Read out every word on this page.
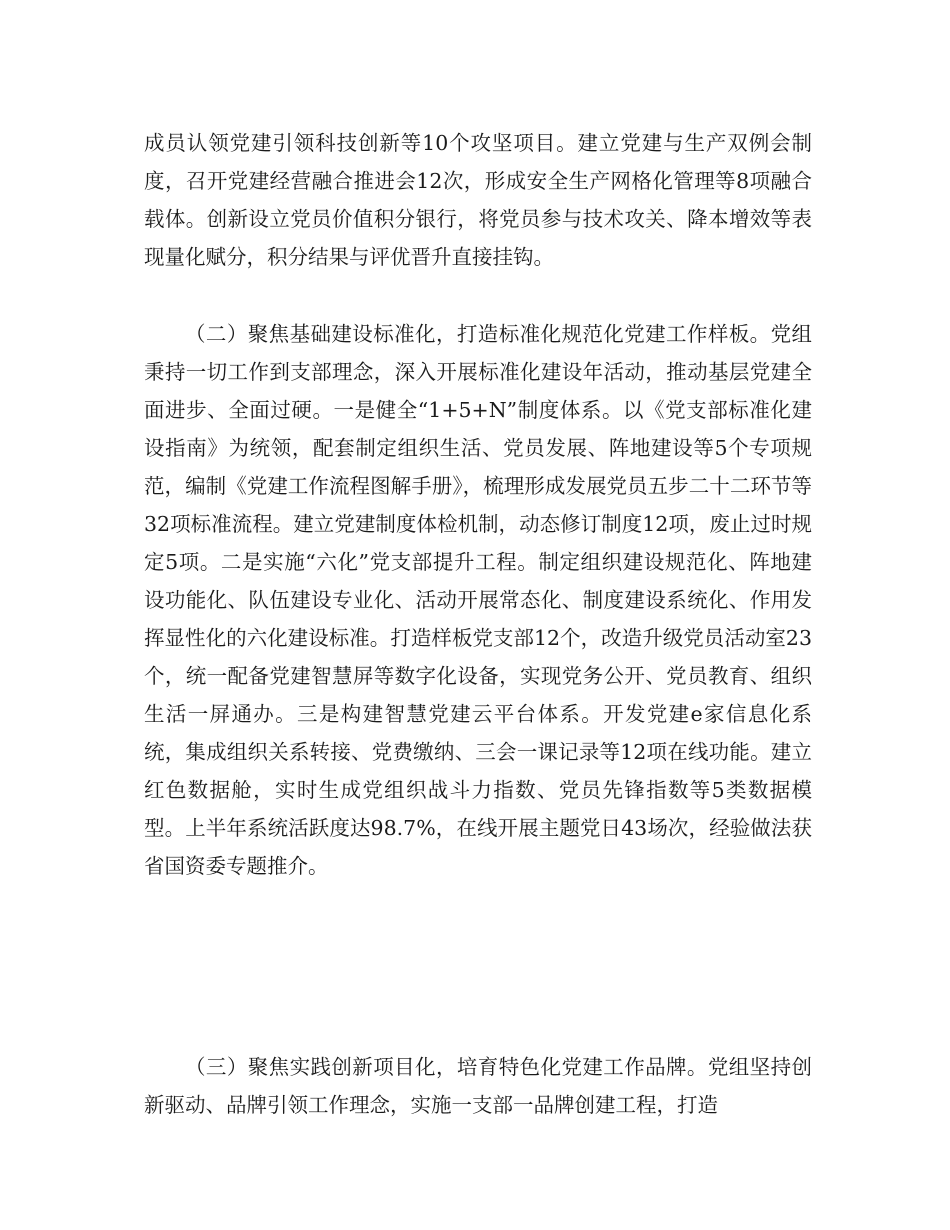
成员认领党建引领科技创新等10个攻坚项目。建立党建与生产双例会制度，召开党建经营融合推进会12次，形成安全生产网格化管理等8项融合载体。创新设立党员价值积分银行，将党员参与技术攻关、降本增效等表现量化赋分，积分结果与评优晋升直接挂钩。

（二）聚焦基础建设标准化，打造标准化规范化党建工作样板。党组秉持一切工作到支部理念，深入开展标准化建设年活动，推动基层党建全面进步、全面过硬。一是健全“1+5+N”制度体系。以《党支部标准化建设指南》为统领，配套制定组织生活、党员发展、阵地建设等5个专项规范，编制《党建工作流程图解手册》，梳理形成发展党员五步二十二环节等32项标准流程。建立党建制度体检机制，动态修订制度12项，废止过时规定5项。二是实施“六化”党支部提升工程。制定组织建设规范化、阵地建设功能化、队伍建设专业化、活动开展常态化、制度建设系统化、作用发挥显性化的六化建设标准。打造样板党支部12个，改造升级党员活动室23个，统一配备党建智慧屏等数字化设备，实现党务公开、党员教育、组织生活一屏通办。三是构建智慧党建云平台体系。开发党建e家信息化系统，集成组织关系转接、党费缴纳、三会一课记录等12项在线功能。建立红色数据舱，实时生成党组织战斗力指数、党员先锋指数等5类数据模型。上半年系统活跃度达98.7%，在线开展主题党日43场次，经验做法获省国资委专题推介。

（三）聚焦实践创新项目化，培育特色化党建工作品牌。党组坚持创新驱动、品牌引领工作理念，实施一支部一品牌创建工程，打造
